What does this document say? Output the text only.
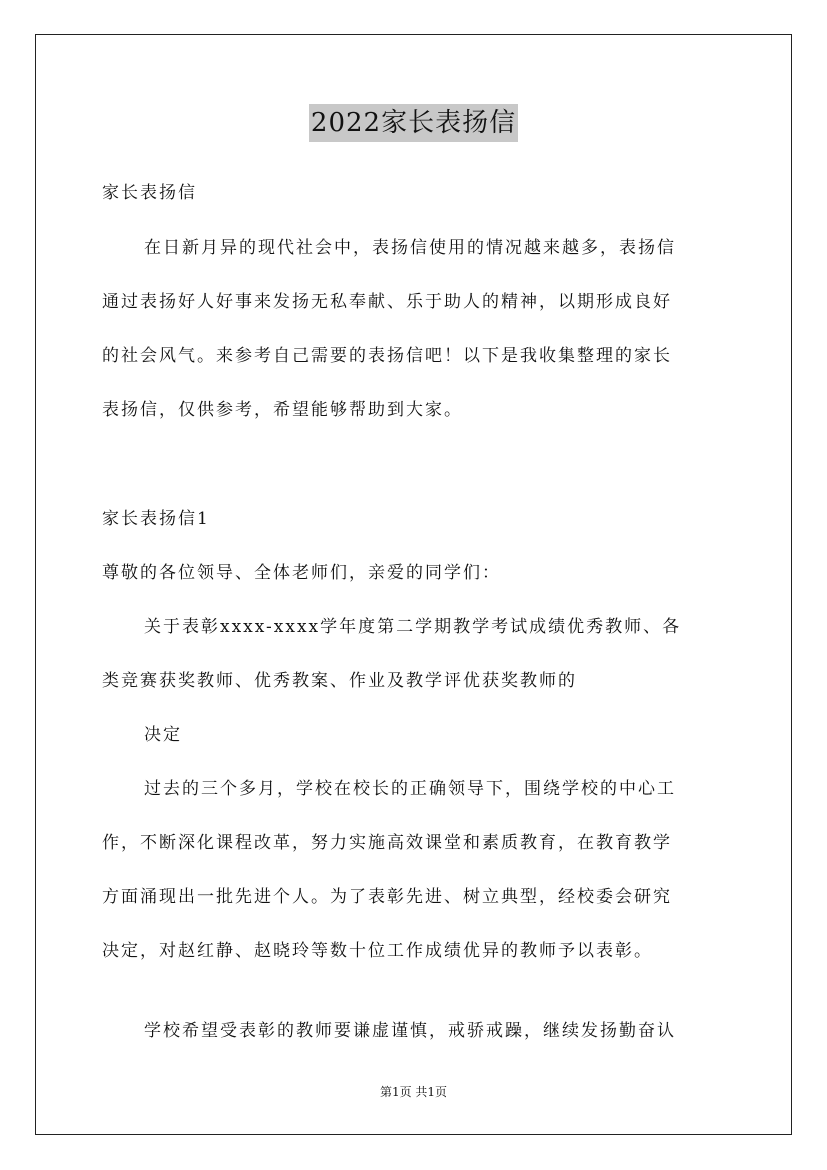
2022家长表扬信
家长表扬信
在日新月异的现代社会中，表扬信使用的情况越来越多，表扬信
通过表扬好人好事来发扬无私奉献、乐于助人的精神，以期形成良好
的社会风气。来参考自己需要的表扬信吧！以下是我收集整理的家长
表扬信，仅供参考，希望能够帮助到大家。
家长表扬信1
尊敬的各位领导、全体老师们，亲爱的同学们：
关于表彰xxxx-xxxx学年度第二学期教学考试成绩优秀教师、各
类竞赛获奖教师、优秀教案、作业及教学评优获奖教师的
决定
过去的三个多月，学校在校长的正确领导下，围绕学校的中心工
作，不断深化课程改革，努力实施高效课堂和素质教育，在教育教学
方面涌现出一批先进个人。为了表彰先进、树立典型，经校委会研究
决定，对赵红静、赵晓玲等数十位工作成绩优异的教师予以表彰。
学校希望受表彰的教师要谦虚谨慎，戒骄戒躁，继续发扬勤奋认
第1页 共1页
